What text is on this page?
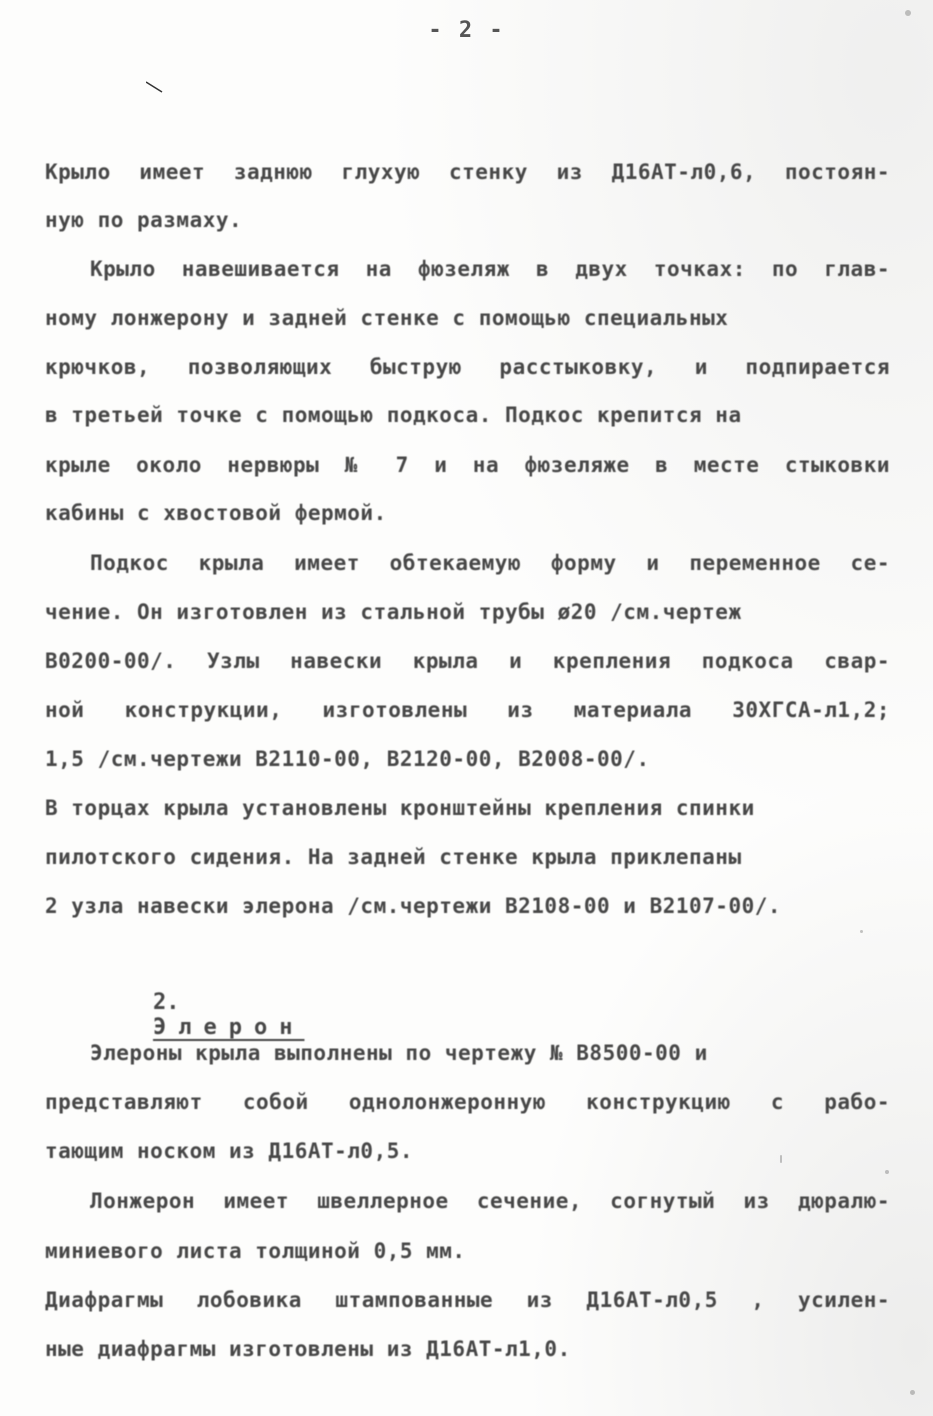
- 2 -
Крыло имеет заднюю глухую стенку из Д16АТ-л0,6, постоян-
ную по размаху.
Крыло навешивается на фюзеляж в двух точках: по глав-
ному лонжерону и задней стенке с помощью специальных
крючков, позволяющих быструю расстыковку, и подпирается
в третьей точке с помощью подкоса. Подкос крепится на
крыле около нервюры № 7 и на фюзеляже в месте стыковки
кабины с хвостовой фермой.
Подкос крыла имеет обтекаемую форму и переменное се-
чение. Он изготовлен из стальной трубы ø20 /см.чертеж
В0200-00/. Узлы навески крыла и крепления подкоса свар-
ной конструкции, изготовлены из материала 30ХГСА-л1,2;
1,5 /см.чертежи В2110-00, В2120-00, В2008-00/.
В торцах крыла установлены кронштейны крепления спинки
пилотского сидения. На задней стенке крыла приклепаны
2 узла навески элерона /см.чертежи В2108-00 и В2107-00/.

2.
Элерон

Элероны крыла выполнены по чертежу № В8500-00 и
представляют собой однолонжеронную конструкцию с рабо-
тающим носком из Д16АТ-л0,5.
Лонжерон имеет швеллерное сечение, согнутый из дюралю-
миниевого листа толщиной 0,5 мм.
Диафрагмы лобовика штампованные из Д16АТ-л0,5 , усилен-
ные диафрагмы изготовлены из Д16АТ-л1,0.
